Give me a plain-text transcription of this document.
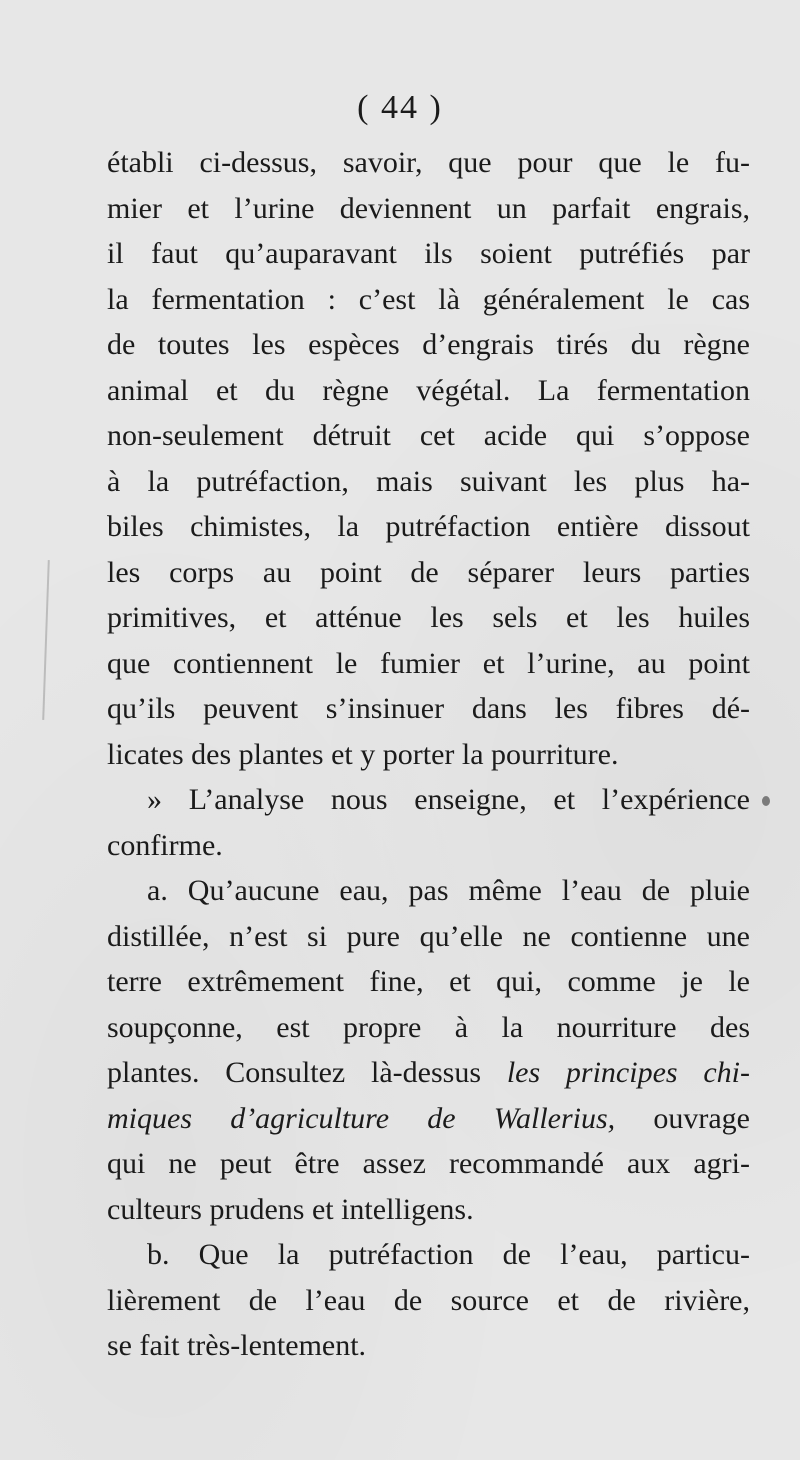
( 44 )
établi ci-dessus, savoir, que pour que le fu-
mier et l’urine deviennent un parfait engrais,
il faut qu’auparavant ils soient putréfiés par
la fermentation : c’est là généralement le cas
de toutes les espèces d’engrais tirés du règne
animal et du règne végétal. La fermentation
non-seulement détruit cet acide qui s’oppose
à la putréfaction, mais suivant les plus ha-
biles chimistes, la putréfaction entière dissout
les corps au point de séparer leurs parties
primitives, et atténue les sels et les huiles
que contiennent le fumier et l’urine, au point
qu’ils peuvent s’insinuer dans les fibres dé-
licates des plantes et y porter la pourriture.
» L’analyse nous enseigne, et l’expérience
confirme.
a. Qu’aucune eau, pas même l’eau de pluie
distillée, n’est si pure qu’elle ne contienne une
terre extrêmement fine, et qui, comme je le
soupçonne, est propre à la nourriture des
plantes. Consultez là-dessus les principes chi-
miques d’agriculture de Wallerius, ouvrage
qui ne peut être assez recommandé aux agri-
culteurs prudens et intelligens.
b. Que la putréfaction de l’eau, particu-
lièrement de l’eau de source et de rivière,
se fait très-lentement.
